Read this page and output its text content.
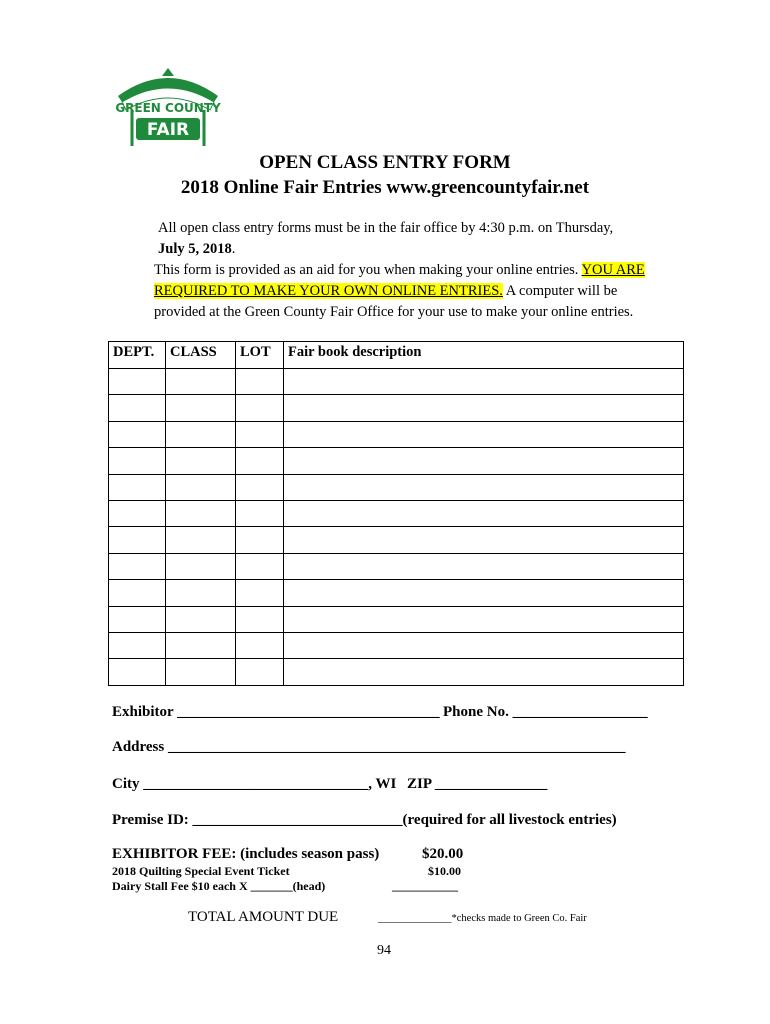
GREEN COUNTY
FAIR
OPEN CLASS ENTRY FORM
2018 Online Fair Entries www.greencountyfair.net
All open class entry forms must be in the fair office by 4:30 p.m. on Thursday,
July 5, 2018.
This form is provided as an aid for you when making your online entries. YOU ARE REQUIRED TO MAKE YOUR OWN ONLINE ENTRIES. A computer will be provided at the Green County Fair Office for your use to make your online entries.
DEPT.	CLASS	LOT	Fair book description

Exhibitor ___________________________________ Phone No. __________________
Address _____________________________________________________________
City ______________________________, WI ZIP _______________
Premise ID: ____________________________(required for all livestock entries)
EXHIBITOR FEE: (includes season pass)	$20.00
2018 Quilting Special Event Ticket	$10.00
Dairy Stall Fee $10 each X _______(head)	___________
TOTAL AMOUNT DUE	______________*checks made to Green Co. Fair
94
